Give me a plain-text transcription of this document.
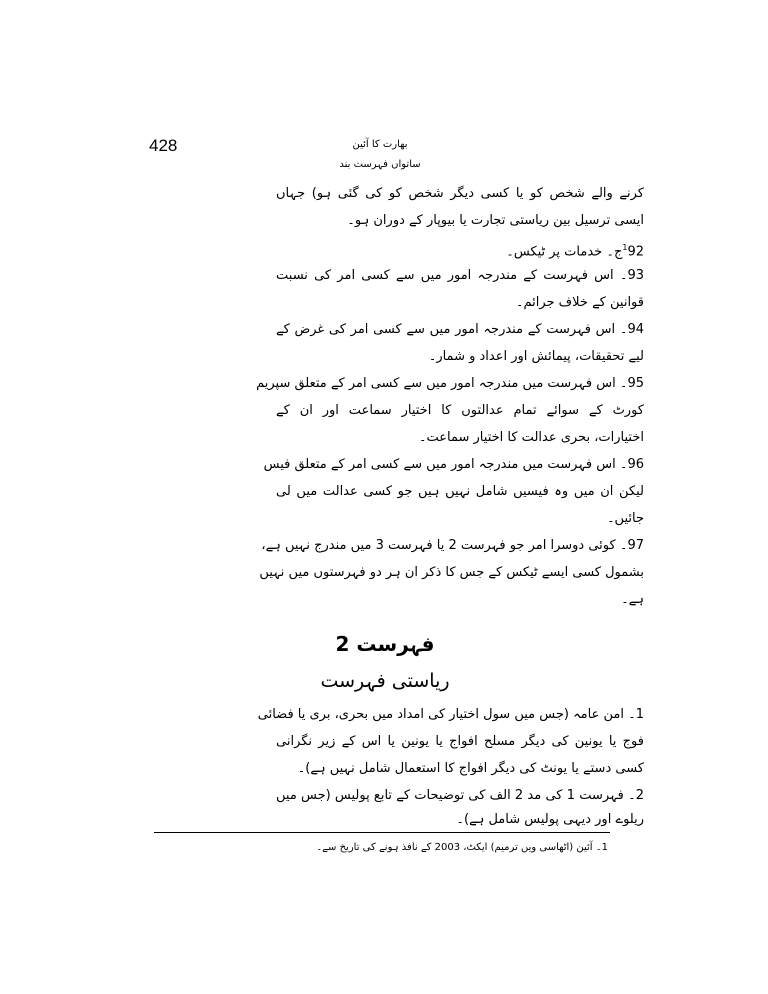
428	بھارت کا آئین
ساتواں فہرست بند
کرنے والے شخص کو یا کسی دیگر شخص کو کی گئی ہو) جہاں
ایسی ترسیل بین ریاستی تجارت یا بیوپار کے دوران ہو۔
$^1$92ج۔ خدمات پر ٹیکس۔
93۔ اس فہرست کے مندرجہ امور میں سے کسی امر کی نسبت
قوانین کے خلاف جرائم۔
94۔ اس فہرست کے مندرجہ امور میں سے کسی امر کی غرض کے
لیے تحقیقات، پیمائش اور اعداد و شمار۔
95۔ اس فہرست میں مندرجہ امور میں سے کسی امر کے متعلق سپریم
کورٹ کے سوائے تمام عدالتوں کا اختیار سماعت اور ان کے
اختیارات، بحری عدالت کا اختیار سماعت۔
96۔ اس فہرست میں مندرجہ امور میں سے کسی امر کے متعلق فیس
لیکن ان میں وہ فیسیں شامل نہیں ہیں جو کسی عدالت میں لی
جائیں۔
97۔ کوئی دوسرا امر جو فہرست 2 یا فہرست 3 میں مندرج نہیں ہے،
بشمول کسی ایسے ٹیکس کے جس کا ذکر ان ہر دو فہرستوں میں نہیں
ہے۔
فہرست 2
ریاستی فہرست
1۔ امن عامہ (جس میں سول اختیار کی امداد میں بحری، بری یا فضائی
فوج یا یونین کی دیگر مسلح افواج یا یونین یا اس کے زیر نگرانی
کسی دستے یا یونٹ کی دیگر افواج کا استعمال شامل نہیں ہے)۔
2۔ فہرست 1 کی مد 2 الف کی توضیحات کے تابع پولیس (جس میں
ریلوے اور دیہی پولیس شامل ہے)۔
1۔ آئین (اٹھاسی ویں ترمیم) ایکٹ، 2003 کے نافذ ہونے کی تاریخ سے۔
